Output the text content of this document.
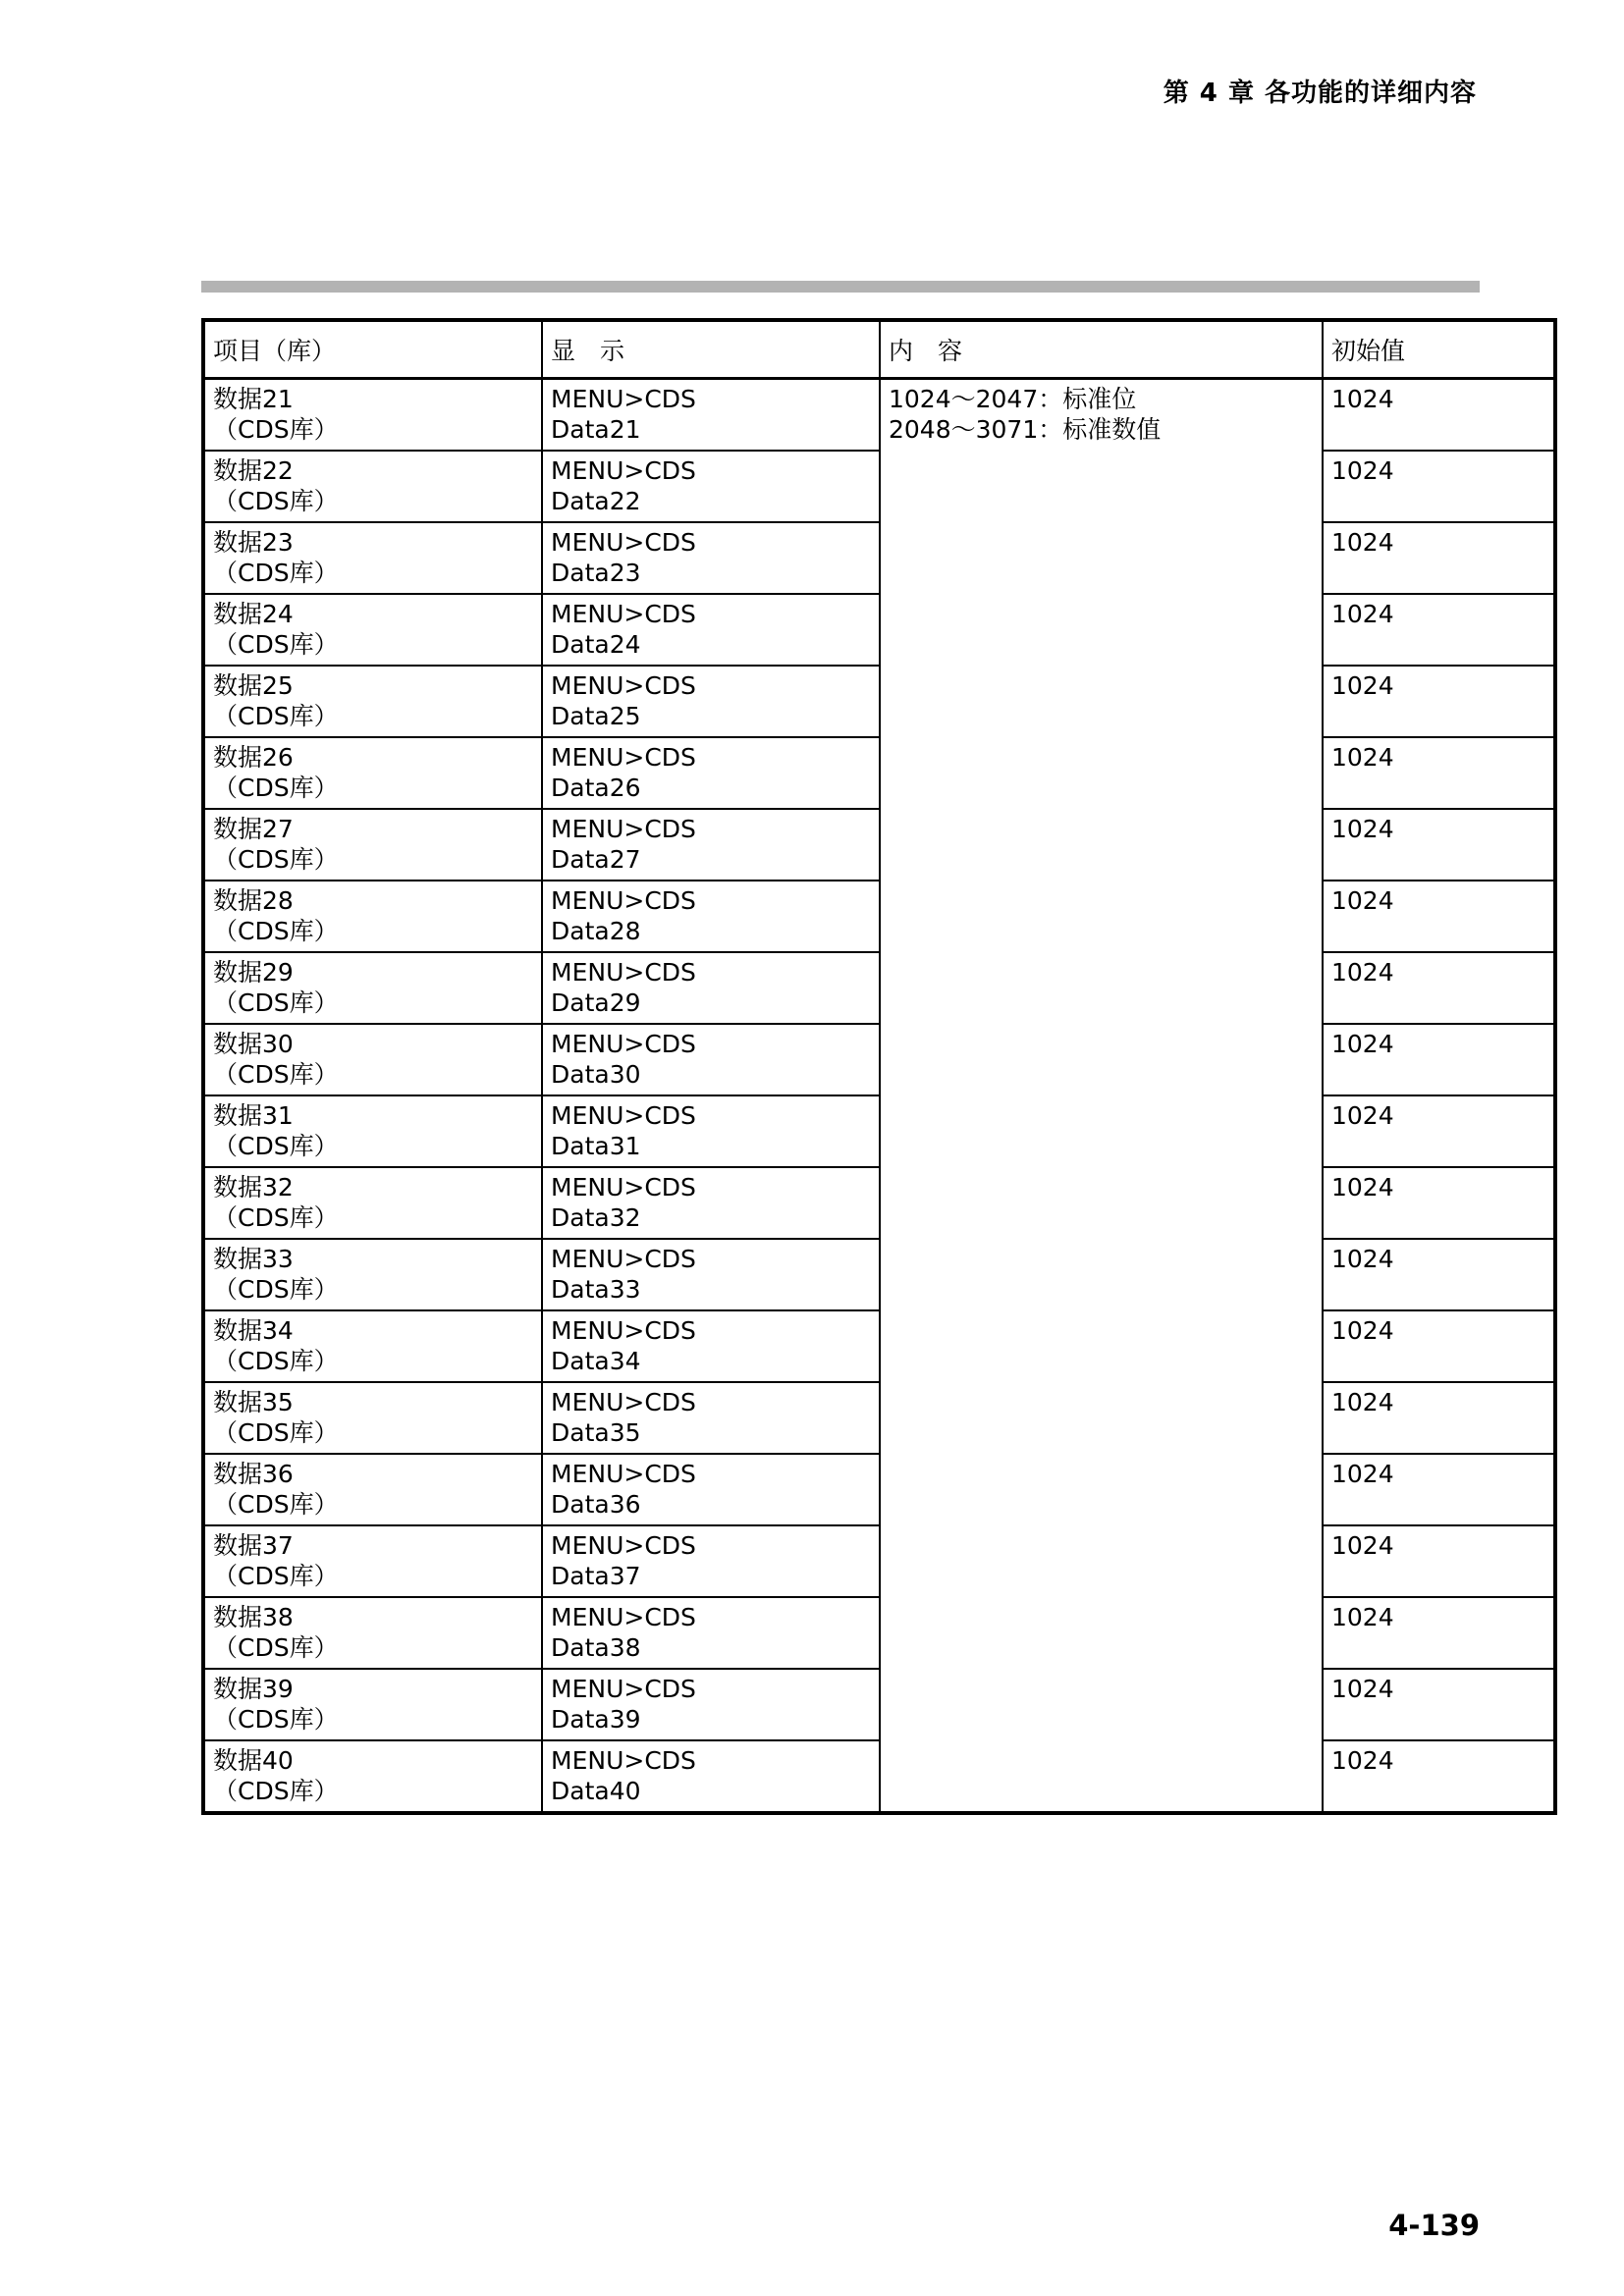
第 4 章 各功能的详细内容
项目（库）	显　示	内　容	初始值

数据21
（CDS库）	MENU>CDS
Data21	1024～2047：标准位
2048～3071：标准数值	1024

数据22
（CDS库）	MENU>CDS
Data22		1024

数据23
（CDS库）	MENU>CDS
Data23		1024

数据24
（CDS库）	MENU>CDS
Data24		1024

数据25
（CDS库）	MENU>CDS
Data25		1024

数据26
（CDS库）	MENU>CDS
Data26		1024

数据27
（CDS库）	MENU>CDS
Data27		1024

数据28
（CDS库）	MENU>CDS
Data28		1024

数据29
（CDS库）	MENU>CDS
Data29		1024

数据30
（CDS库）	MENU>CDS
Data30		1024

数据31
（CDS库）	MENU>CDS
Data31		1024

数据32
（CDS库）	MENU>CDS
Data32		1024

数据33
（CDS库）	MENU>CDS
Data33		1024

数据34
（CDS库）	MENU>CDS
Data34		1024

数据35
（CDS库）	MENU>CDS
Data35		1024

数据36
（CDS库）	MENU>CDS
Data36		1024

数据37
（CDS库）	MENU>CDS
Data37		1024

数据38
（CDS库）	MENU>CDS
Data38		1024

数据39
（CDS库）	MENU>CDS
Data39		1024

数据40
（CDS库）	MENU>CDS
Data40		1024
4-139
